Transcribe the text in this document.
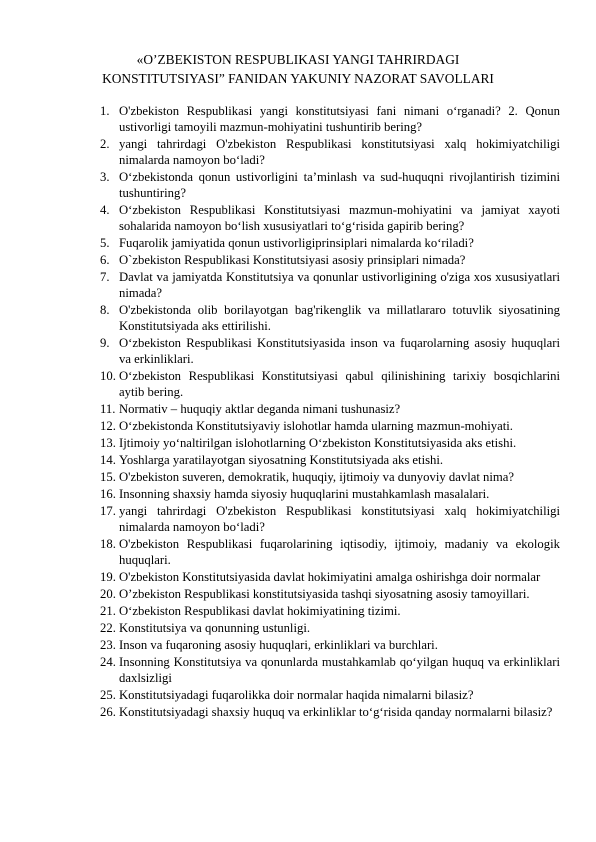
«O’ZBEKISTON RESPUBLIKASI YANGI TAHRIRDAGI
KONSTITUTSIYASI” FANIDAN YAKUNIY NAZORAT SAVOLLARI
1. O'zbekiston Respublikasi yangi konstitutsiyasi fani nimani o‘rganadi? 2. Qonun ustivorligi tamoyili mazmun-mohiyatini tushuntirib bering?
2. yangi tahrirdagi O'zbekiston Respublikasi konstitutsiyasi xalq hokimiyatchiligi nimalarda namoyon bo‘ladi?
3. O‘zbekistonda qonun ustivorligini ta’minlash va sud-huquqni rivojlantirish tizimini tushuntiring?
4. O‘zbekiston Respublikasi Konstitutsiyasi mazmun-mohiyatini va jamiyat xayoti sohalarida namoyon bo‘lish xususiyatlari to‘g‘risida gapirib bering?
5. Fuqarolik jamiyatida qonun ustivorligiprinsiplari nimalarda ko‘riladi?
6. O`zbekiston Respublikasi Konstitutsiyasi asosiy prinsiplari nimada?
7. Davlat va jamiyatda Konstitutsiya va qonunlar ustivorligining o'ziga xos xususiyatlari nimada?
8. O'zbekistonda olib borilayotgan bag'rikenglik va millatlararo totuvlik siyosatining Konstitutsiyada aks ettirilishi.
9. O‘zbekiston Respublikasi Konstitutsiyasida inson va fuqarolarning asosiy huquqlari va erkinliklari.
10. O‘zbekiston Respublikasi Konstitutsiyasi qabul qilinishining tarixiy bosqichlarini aytib bering.
11. Normativ – huquqiy aktlar deganda nimani tushunasiz?
12. O‘zbekistonda Konstitutsiyaviy islohotlar hamda ularning mazmun-mohiyati.
13. Ijtimoiy yo‘naltirilgan islohotlarning O‘zbekiston Konstitutsiyasida aks etishi.
14. Yoshlarga yaratilayotgan siyosatning Konstitutsiyada aks etishi.
15. O'zbekiston suveren, demokratik, huquqiy, ijtimoiy va dunyoviy davlat nima?
16. Insonning shaxsiy hamda siyosiy huquqlarini mustahkamlash masalalari.
17. yangi tahrirdagi O'zbekiston Respublikasi konstitutsiyasi xalq hokimiyatchiligi nimalarda namoyon bo‘ladi?
18. O'zbekiston Respublikasi fuqarolarining iqtisodiy, ijtimoiy, madaniy va ekologik huquqlari.
19. O'zbekiston Konstitutsiyasida davlat hokimiyatini amalga oshirishga doir normalar
20. O’zbekiston Respublikasi konstitutsiyasida tashqi siyosatning asosiy tamoyillari.
21. O‘zbekiston Respublikasi davlat hokimiyatining tizimi.
22. Konstitutsiya va qonunning ustunligi.
23. Inson va fuqaroning asosiy huquqlari, erkinliklari va burchlari.
24. Insonning Konstitutsiya va qonunlarda mustahkamlab qo‘yilgan huquq va erkinliklari daxlsizligi
25. Konstitutsiyadagi fuqarolikka doir normalar haqida nimalarni bilasiz?
26. Konstitutsiyadagi shaxsiy huquq va erkinliklar to‘g‘risida qanday normalarni bilasiz?
